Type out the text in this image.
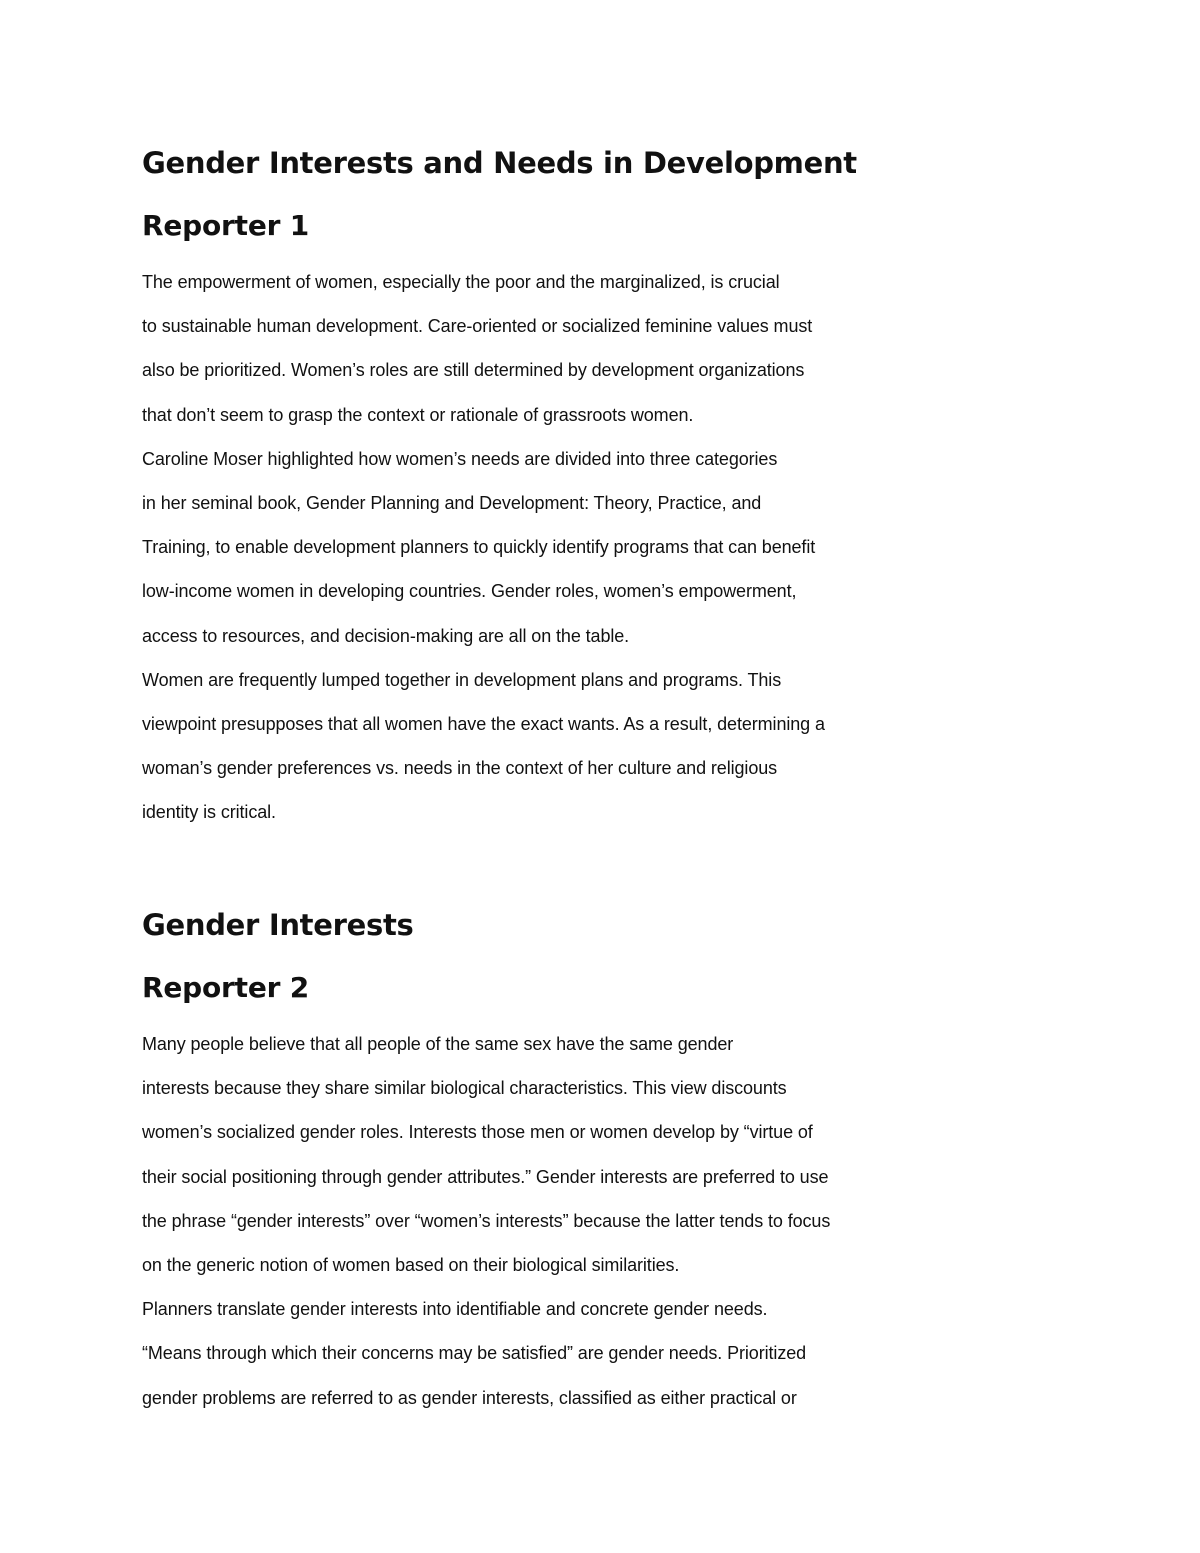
Gender Interests and Needs in Development
Reporter 1
The empowerment of women, especially the poor and the marginalized, is crucial
to sustainable human development. Care-oriented or socialized feminine values must
also be prioritized. Women’s roles are still determined by development organizations
that don’t seem to grasp the context or rationale of grassroots women.
Caroline Moser highlighted how women’s needs are divided into three categories
in her seminal book, Gender Planning and Development: Theory, Practice, and
Training, to enable development planners to quickly identify programs that can benefit
low-income women in developing countries. Gender roles, women’s empowerment,
access to resources, and decision-making are all on the table.
Women are frequently lumped together in development plans and programs. This
viewpoint presupposes that all women have the exact wants. As a result, determining a
woman’s gender preferences vs. needs in the context of her culture and religious
identity is critical.
Gender Interests
Reporter 2
Many people believe that all people of the same sex have the same gender
interests because they share similar biological characteristics. This view discounts
women’s socialized gender roles. Interests those men or women develop by “virtue of
their social positioning through gender attributes.” Gender interests are preferred to use
the phrase “gender interests” over “women’s interests” because the latter tends to focus
on the generic notion of women based on their biological similarities.
Planners translate gender interests into identifiable and concrete gender needs.
“Means through which their concerns may be satisfied” are gender needs. Prioritized
gender problems are referred to as gender interests, classified as either practical or
